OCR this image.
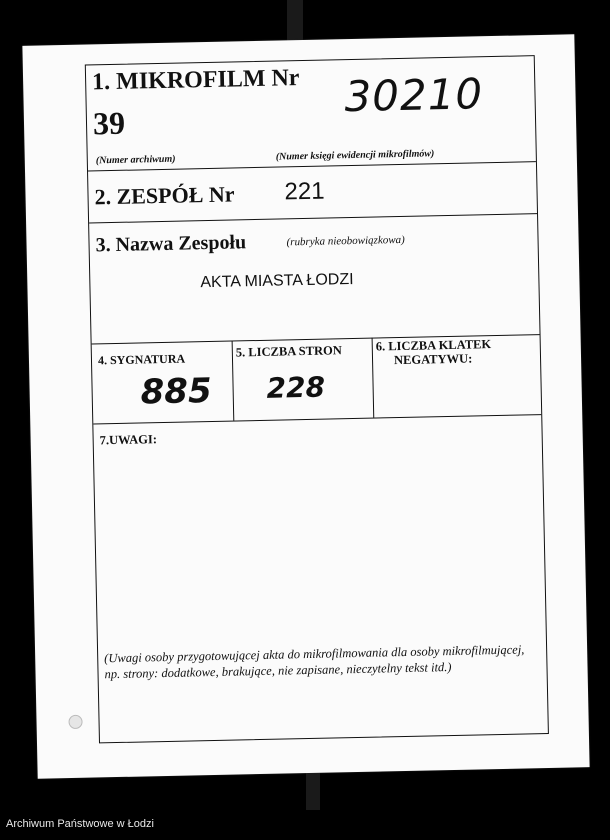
1. MIKROFILM Nr
39
30210
(Numer archiwum)	(Numer księgi ewidencji mikrofilmów)
2. ZESPÓŁ Nr 221
3. Nazwa Zespołu	(rubryka nieobowiązkowa)
AKTA MIASTA ŁODZI
4. SYGNATURA
885
5. LICZBA STRON
228
6. LICZBA KLATEK
NEGATYWU:
7.UWAGI:
(Uwagi osoby przygotowującej akta do mikrofilmowania dla osoby mikrofilmującej, np. strony: dodatkowe, brakujące, nie zapisane, nieczytelny tekst itd.)
Archiwum Państwowe w Łodzi
